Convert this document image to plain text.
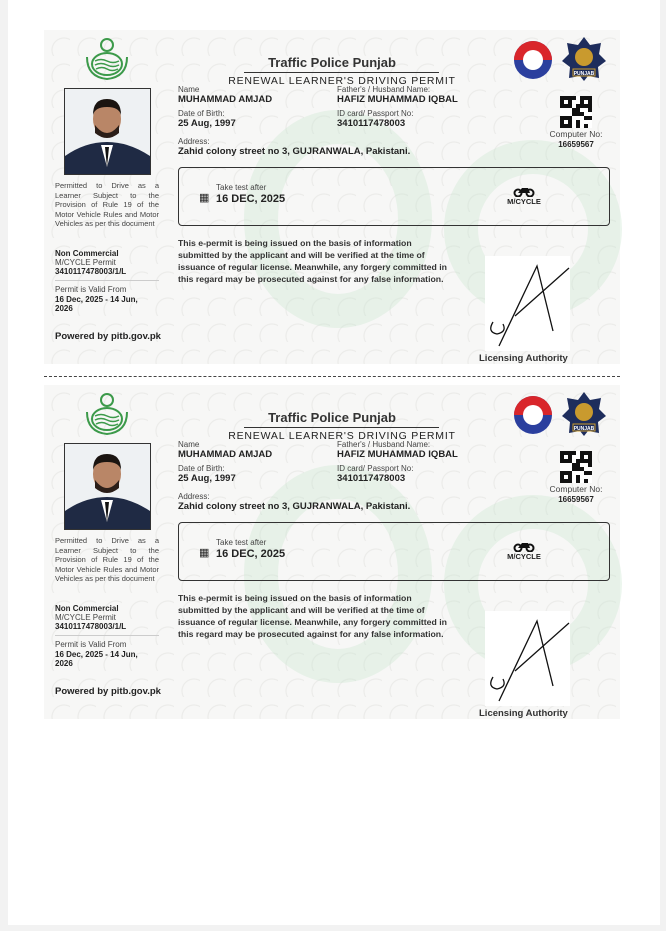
Traffic Police Punjab
RENEWAL LEARNER'S DRIVING PERMIT
PUNJAB
Name
MUHAMMAD AMJAD
Father's / Husband Name:
HAFIZ MUHAMMAD IQBAL
Date of Birth:
25 Aug, 1997
ID card/ Passport No:
3410117478003
Address:
Zahid colony street no 3, GUJRANWALA, Pakistani.
Computer No:
16659567
▦
Take test after
16 DEC, 2025	M/CYCLE
Permitted to Drive as a Learner Subject to the Provision of Rule 19 of the Motor Vehicle Rules and Motor Vehicles as per this document
Non Commercial
M/CYCLE Permit
3410117478003/1/L
Permit is Valid From
16 Dec, 2025 - 14 Jun, 2026
Powered by pitb.gov.pk
This e-permit is being issued on the basis of information submitted by the applicant and will be verified at the time of issuance of regular license. Meanwhile, any forgery committed in this regard may be prosecuted against for any false information.
Licensing Authority
Traffic Police Punjab
RENEWAL LEARNER'S DRIVING PERMIT
PUNJAB
Name
MUHAMMAD AMJAD
Father's / Husband Name:
HAFIZ MUHAMMAD IQBAL
Date of Birth:
25 Aug, 1997
ID card/ Passport No:
3410117478003
Address:
Zahid colony street no 3, GUJRANWALA, Pakistani.
Computer No:
16659567
▦
Take test after
16 DEC, 2025	M/CYCLE
Permitted to Drive as a Learner Subject to the Provision of Rule 19 of the Motor Vehicle Rules and Motor Vehicles as per this document
Non Commercial
M/CYCLE Permit
3410117478003/1/L
Permit is Valid From
16 Dec, 2025 - 14 Jun, 2026
Powered by pitb.gov.pk
This e-permit is being issued on the basis of information submitted by the applicant and will be verified at the time of issuance of regular license. Meanwhile, any forgery committed in this regard may be prosecuted against for any false information.
Licensing Authority
